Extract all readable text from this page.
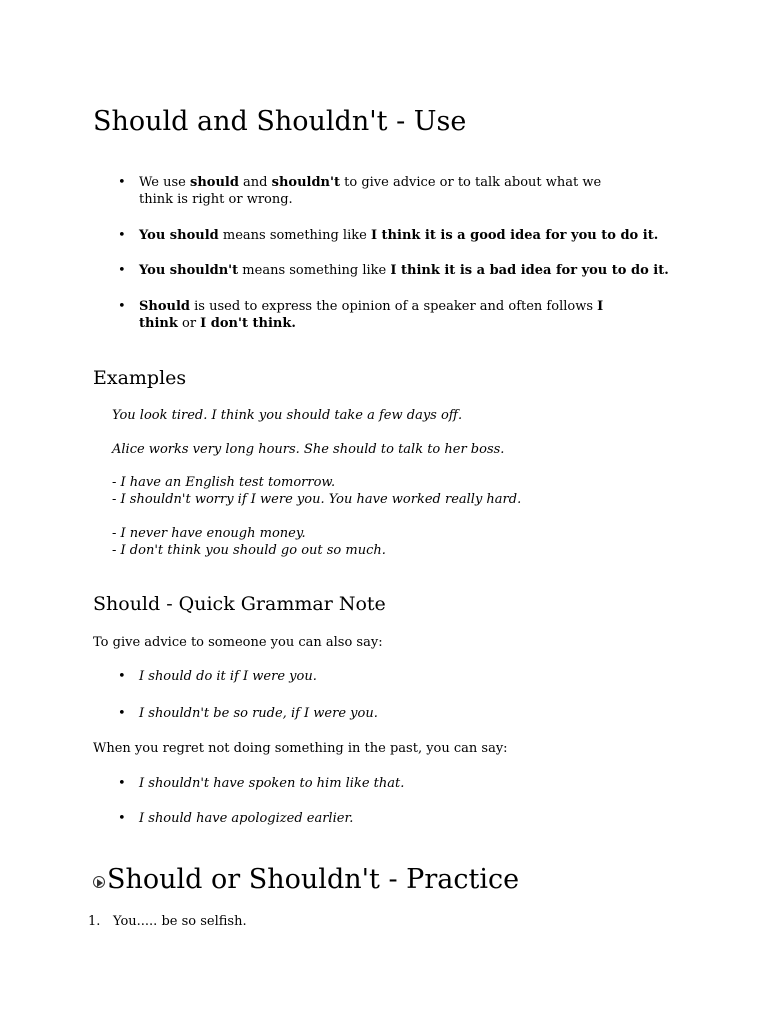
Should and Shouldn't - Use
• We use should and shouldn't to give advice or to talk about what we think is right or wrong.
• You should means something like I think it is a good idea for you to do it.
• You shouldn't means something like I think it is a bad idea for you to do it.
• Should is used to express the opinion of a speaker and often follows I think or I don't think.
Examples
You look tired. I think you should take a few days off.
Alice works very long hours. She should to talk to her boss.
- I have an English test tomorrow.
- I shouldn't worry if I were you. You have worked really hard.
- I never have enough money.
- I don't think you should go out so much.
Should - Quick Grammar Note
To give advice to someone you can also say:
• I should do it if I were you.
• I shouldn't be so rude, if I were you.
When you regret not doing something in the past, you can say:
• I shouldn't have spoken to him like that.
• I should have apologized earlier.
Should or Shouldn't - Practice
1. You..... be so selfish.
